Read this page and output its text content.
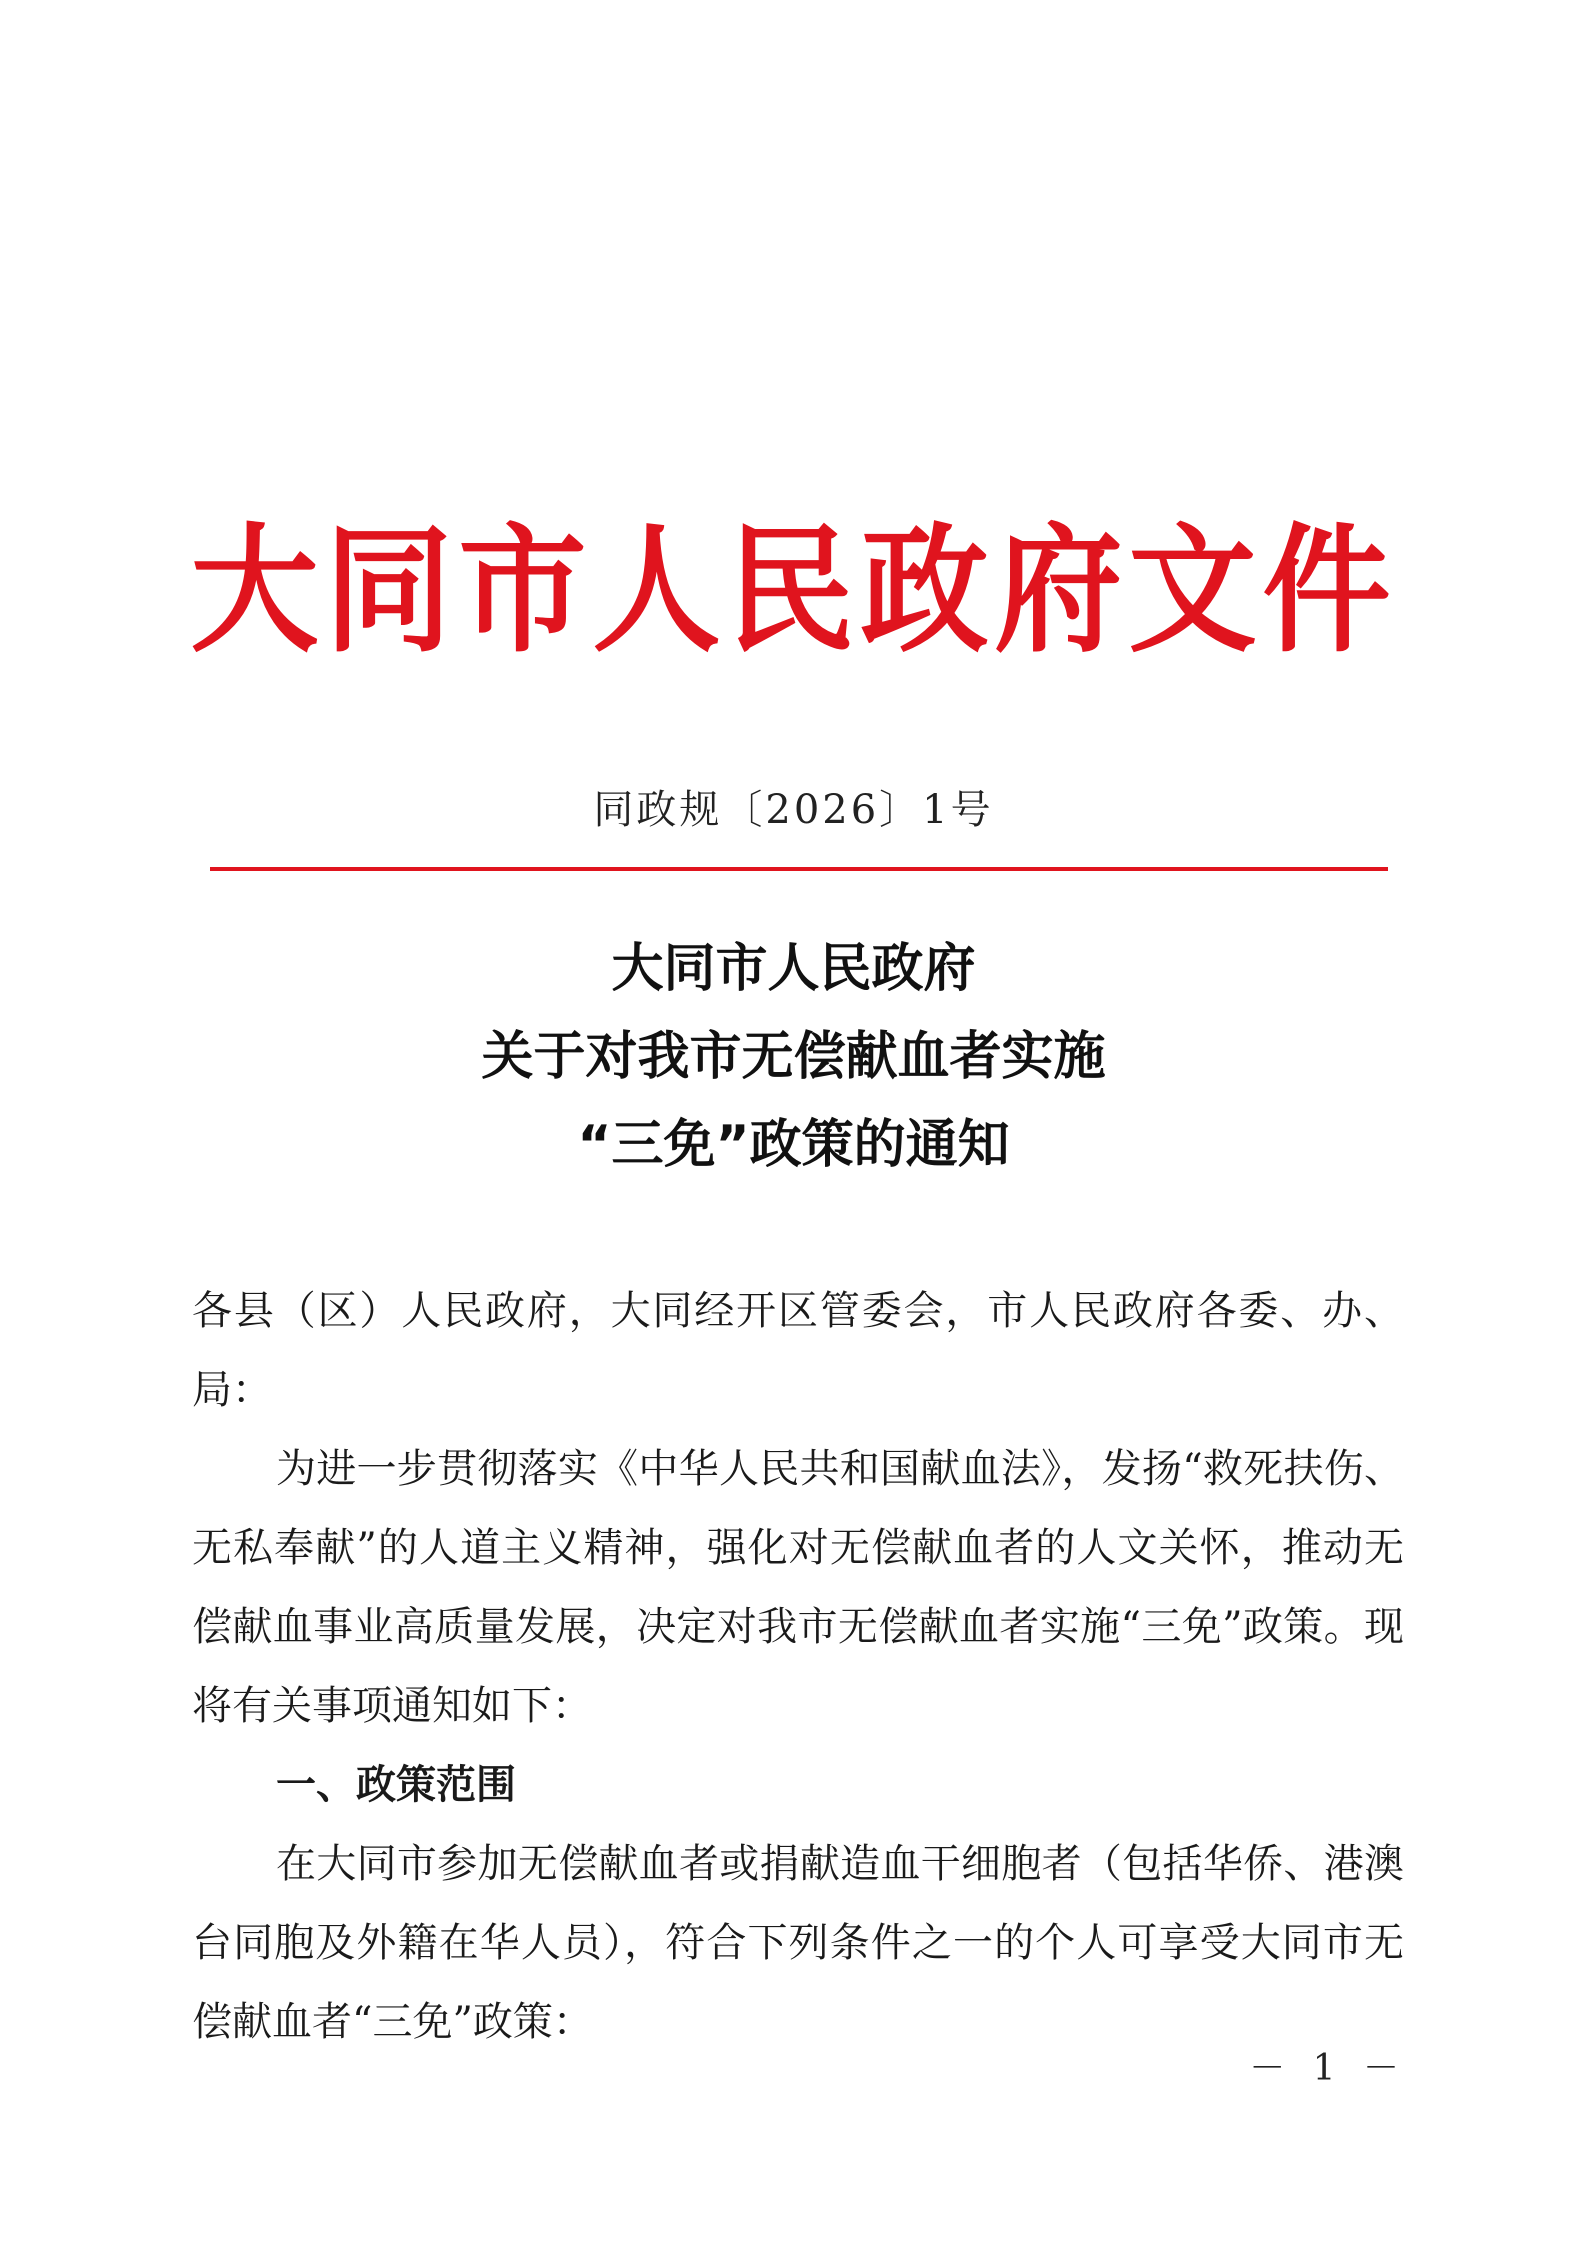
大同市人民政府文件
同政规〔2026〕1号
大同市人民政府
关于对我市无偿献血者实施
“三免”政策的通知

各县（区）人民政府，大同经开区管委会，市人民政府各委、办、局：

为进一步贯彻落实《中华人民共和国献血法》，发扬“救死扶伤、无私奉献”的人道主义精神，强化对无偿献血者的人文关怀，推动无偿献血事业高质量发展，决定对我市无偿献血者实施“三免”政策。现将有关事项通知如下：

一、政策范围

在大同市参加无偿献血者或捐献造血干细胞者（包括华侨、港澳台同胞及外籍在华人员），符合下列条件之一的个人可享受大同市无偿献血者“三免”政策：

－ 1 －
